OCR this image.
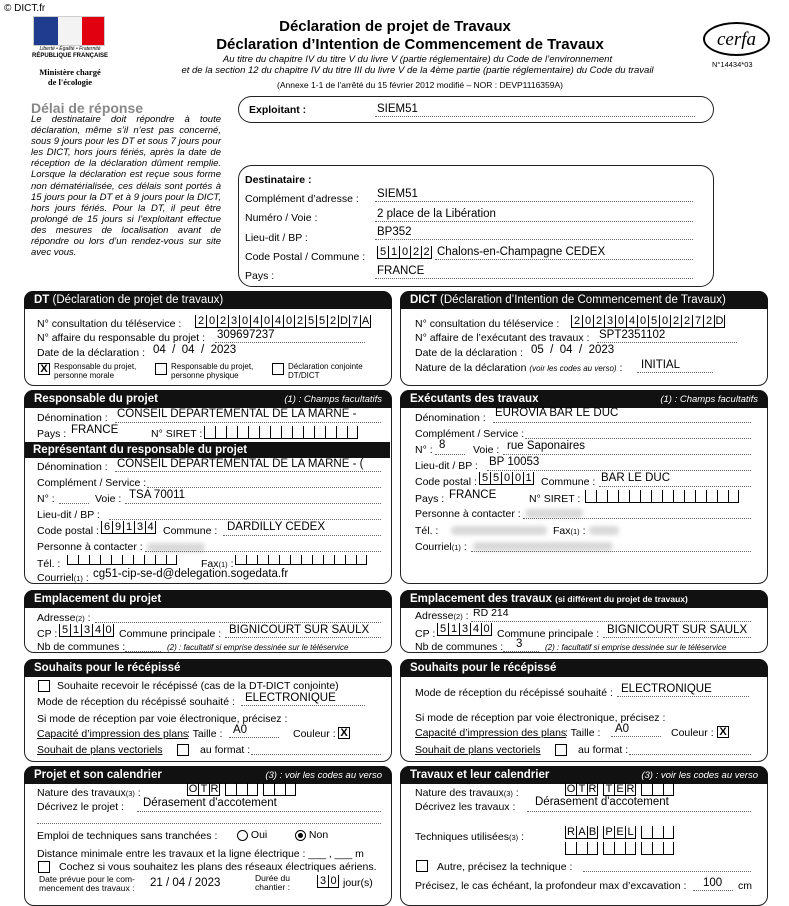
© DICT.fr
Liberté • Égalité • Fraternité
RÉPUBLIQUE FRANÇAISE
Ministère chargé
de l'écologie
Déclaration de projet de Travaux
Déclaration d’Intention de Commencement de Travaux
Au titre du chapitre IV du titre V du livre V (partie réglementaire) du Code de l’environnement
et de la section 12 du chapitre IV du titre III du livre V de la 4ème partie (partie réglementaire) du Code du travail
(Annexe 1-1 de l’arrêté du 15 février 2012 modifié – NOR : DEVP1116359A)
cerfa
N°14434*03
Délai de réponse
Le destinataire doit répondre à toute déclaration, même s’il n’est pas concerné, sous 9 jours pour les DT et sous 7 jours pour les DICT, hors jours fériés, après la date de réception de la déclaration dûment remplie. Lorsque la déclaration est reçue sous forme non dématérialisée, ces délais sont portés à 15 jours pour la DT et à 9 jours pour la DICT, hors jours fériés. Pour la DT, il peut être prolongé de 15 jours si l’exploitant effectue des mesures de localisation avant de répondre ou lors d’un rendez-vous sur site avec vous.
Exploitant :	SIEM51
Destinataire :
Complément d’adresse : SIEM51
Numéro / Voie :	2 place de la Libération
Lieu-dit / BP :	BP352
Code Postal / Commune : 5 1 0 2 2 Chalons-en-Champagne CEDEX
Pays :	FRANCE
DT (Déclaration de projet de travaux)
N° consultation du téléservice : 2 0 2 3 0 4 0 4 0 2 5 5 2 D 7 A
N° affaire du responsable du projet : 309697237
Date de la déclaration : 04  /  04  /  2023
X Responsable du projet, personne morale
Responsable du projet, personne physique
Déclaration conjointe DT/DICT
DICT (Déclaration d’Intention de Commencement de Travaux)
N° consultation du téléservice : 2 0 2 3 0 4 0 5 0 2 2 7 2 D
N° affaire de l’exécutant des travaux : SPT2351102
Date de la déclaration : 05  /  04  /  2023
Nature de la déclaration (voir les codes au verso) : INITIAL
Responsable du projet	(1) : Champs facultatifs
Dénomination : CONSEIL DEPARTEMENTAL DE LA MARNE -
Pays : FRANCE	N° SIRET :
Représentant du responsable du projet
Dénomination : CONSEIL DEPARTEMENTAL DE LA MARNE - (
Complément / Service :
N° :	Voie : TSA 70011
Lieu-dit / BP :
Code postal : 6 9 1 3 4 Commune : DARDILLY CEDEX
Personne à contacter :
Tél. :	Fax(1) :
Courriel(1) : cg51-cip-se-d@delegation.sogedata.fr
Exécutants des travaux	(1) : Champs facultatifs
Dénomination : EUROVIA BAR LE DUC
Complément / Service :
N° : 8	Voie : rue Saponaires
Lieu-dit / BP : BP 10053
Code postal : 5 5 0 0 1 Commune : BAR LE DUC
Pays : FRANCE	N° SIRET :
Personne à contacter :
Tél. :	Fax(1) :
Courriel(1) :
Emplacement du projet
Adresse(2) :
CP : 5 1 3 4 0 Commune principale : BIGNICOURT SUR SAULX
Nb de communes :	(2) : facultatif si emprise dessinée sur le téléservice
Emplacement des travaux (si différent du projet de travaux)
Adresse(2) : RD 214
CP : 5 1 3 4 0 Commune principale : BIGNICOURT SUR SAULX
Nb de communes : 3	(2) : facultatif si emprise dessinée sur le téléservice
Souhaits pour le récépissé
Souhaite recevoir le récépissé (cas de la DT-DICT conjointe)
Mode de réception du récépissé souhaité : ELECTRONIQUE
Si mode de réception par voie électronique, précisez :
Capacité d’impression des plans
: Taille : A0	Couleur : X
Souhait de plans vectoriels	au format :
Souhaits pour le récépissé
Mode de réception du récépissé souhaité : ELECTRONIQUE
Si mode de réception par voie électronique, précisez :
Capacité d’impression des plans
: Taille : A0	Couleur : X
Souhait de plans vectoriels	au format :
Projet et son calendrier	(3) : voir les codes au verso
Nature des travaux(3) :	O T R
Décrivez le projet : Dérasement d'accotement
Emploi de techniques sans tranchées :	Oui	Non
Distance minimale entre les travaux et la ligne électrique : ___ , ___ m
Cochez si vous souhaitez les plans des réseaux électriques aériens.
Date prévue pour le com-
mencement des travaux : 21 / 04 / 2023	Durée du
chantier :	3 0 jour(s)
Travaux et leur calendrier	(3) : voir les codes au verso
Nature des travaux(3) :	O T R T E R
Décrivez les travaux : Dérasement d'accotement
Techniques utilisées(3) :	R A B P E L
Autre, précisez la technique :
Précisez, le cas échéant, la profondeur max d’excavation : 100 cm
